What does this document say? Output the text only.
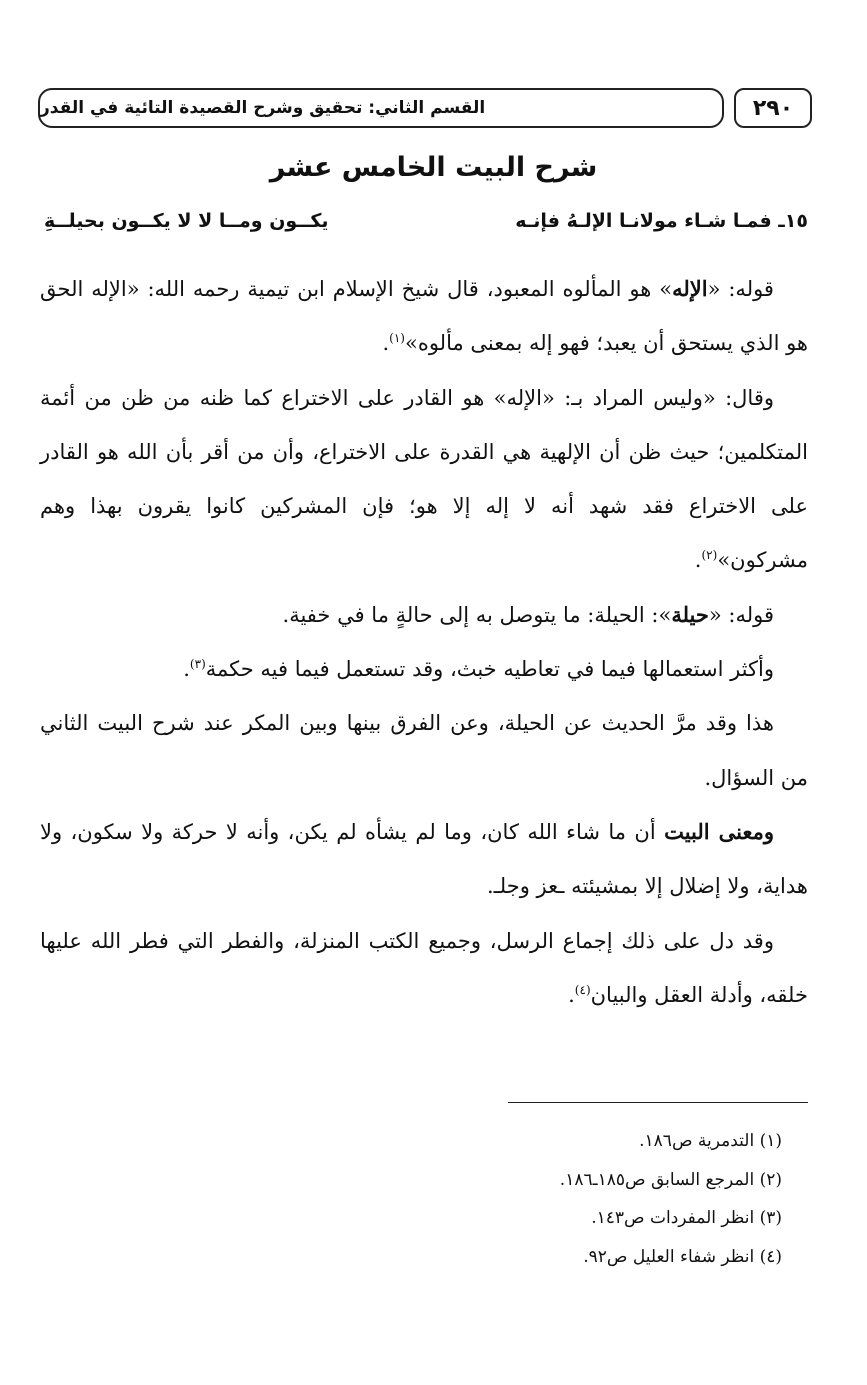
٢٩٠
القسم الثاني: تحقيق وشرح القصيدة التائية في القدر
شرح البيت الخامس عشر
١٥ـ فمـا شـاء مولانـا الإلـهُ فإنـه
يكــون ومــا لا لا يكــون بحيلــةِ

قوله: «الإله» هو المألوه المعبود، قال شيخ الإسلام ابن تيمية رحمه الله: «الإله الحق هو الذي يستحق أن يعبد؛ فهو إله بمعنى مألوه»$^{(١)}$.

وقال: «وليس المراد بـ: «الإله» هو القادر على الاختراع كما ظنه من ظن من أئمة المتكلمين؛ حيث ظن أن الإلهية هي القدرة على الاختراع، وأن من أقر بأن الله هو القادر على الاختراع فقد شهد أنه لا إله إلا هو؛ فإن المشركين كانوا يقرون بهذا وهم مشركون»$^{(٢)}$.

قوله: «حيلة»: الحيلة: ما يتوصل به إلى حالةٍ ما في خفية.

وأكثر استعمالها فيما في تعاطيه خبث، وقد تستعمل فيما فيه حكمة$^{(٣)}$.

هذا وقد مرَّ الحديث عن الحيلة، وعن الفرق بينها وبين المكر عند شرح البيت الثاني من السؤال.

ومعنى البيت أن ما شاء الله كان، وما لم يشأه لم يكن، وأنه لا حركة ولا سكون، ولا هداية، ولا إضلال إلا بمشيئته ـعز وجلـ.

وقد دل على ذلك إجماع الرسل، وجميع الكتب المنزلة، والفطر التي فطر الله عليها خلقه، وأدلة العقل والبيان$^{(٤)}$.

(١) التدمرية ص١٨٦.
(٢) المرجع السابق ص١٨٥ـ١٨٦.
(٣) انظر المفردات ص١٤٣.
(٤) انظر شفاء العليل ص٩٢.
